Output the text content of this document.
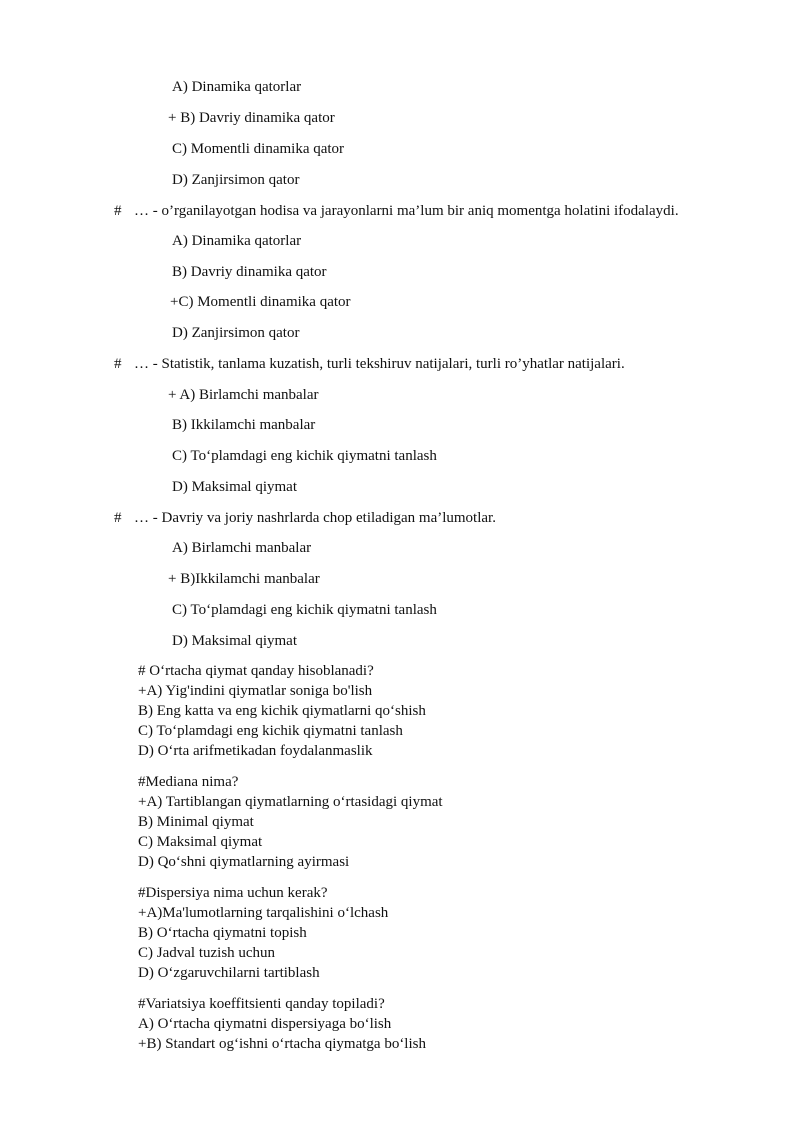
A) Dinamika qatorlar
+ B) Davriy dinamika qator
C) Momentli dinamika qator
D) Zanjirsimon qator
# … - o’rganilayotgan hodisa va jarayonlarni ma’lum bir aniq momentga holatini ifodalaydi.
A) Dinamika qatorlar
B) Davriy dinamika qator
+C) Momentli dinamika qator
D) Zanjirsimon qator
# … - Statistik, tanlama kuzatish, turli tekshiruv natijalari, turli ro’yhatlar natijalari.
+ A) Birlamchi manbalar
B) Ikkilamchi manbalar
C) To‘plamdagi eng kichik qiymatni tanlash
D) Maksimal qiymat
# … - Davriy va joriy nashrlarda chop etiladigan ma’lumotlar.
A) Birlamchi manbalar
+ B)Ikkilamchi manbalar
C) To‘plamdagi eng kichik qiymatni tanlash
D) Maksimal qiymat
# O‘rtacha qiymat qanday hisoblanadi?
+A) Yig'indini qiymatlar soniga bo'lish
B) Eng katta va eng kichik qiymatlarni qo‘shish
C) To‘plamdagi eng kichik qiymatni tanlash
D) O‘rta arifmetikadan foydalanmaslik
#Mediana nima?
+A) Tartiblangan qiymatlarning o‘rtasidagi qiymat
B) Minimal qiymat
C) Maksimal qiymat
D) Qo‘shni qiymatlarning ayirmasi
#Dispersiya nima uchun kerak?
+A)Ma'lumotlarning tarqalishini o‘lchash
B) O‘rtacha qiymatni topish
C) Jadval tuzish uchun
D) O‘zgaruvchilarni tartiblash
#Variatsiya koeffitsienti qanday topiladi?
A) O‘rtacha qiymatni dispersiyaga bo‘lish
+B) Standart og‘ishni o‘rtacha qiymatga bo‘lish
